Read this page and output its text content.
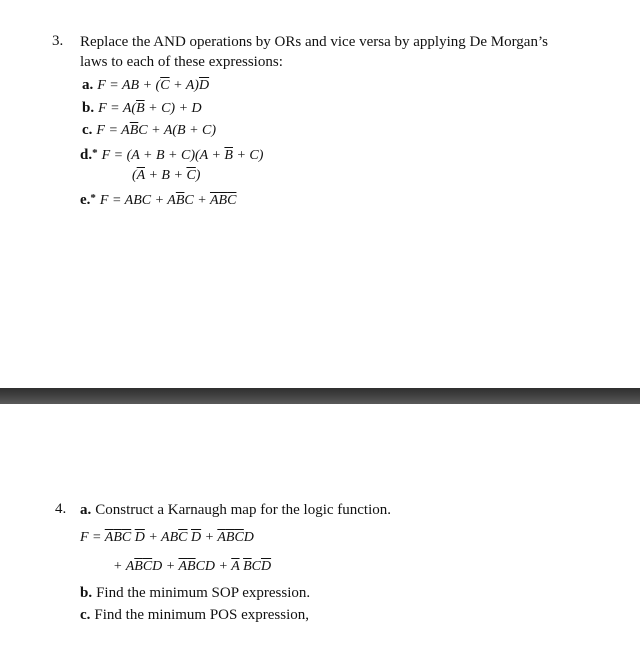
3. Replace the AND operations by ORs and vice versa by applying De Morgan’s
laws to each of these expressions:
a. F = AB + $(\overline{C} + A)\overline{D}$
b. $F = A(\overline{B} + C) + D$
c. $F = A\overline{B}C + A(B + C)$
d.* $F = (A + B + C)(A + \overline{B} + C)$
$(\overline{A} + B + \overline{C})$
e.* F = ABC + $A\overline{B}C + \overline{A}\overline{B}\overline{C}$
4. a. Construct a Karnaugh map for the logic function.
$F = \overline{A}\overline{B}\overline{C}$ $\overline{D} + AB\overline{C}$ $\overline{D} + \overline{A}\overline{B}\overline{C}D$
+ $A\overline{B}\overline{C}D + \overline{A}\overline{B}CD + \overline{A}$ $\overline{B}C\overline{D}$
b. Find the minimum SOP expression.
c. Find the minimum POS expression,
